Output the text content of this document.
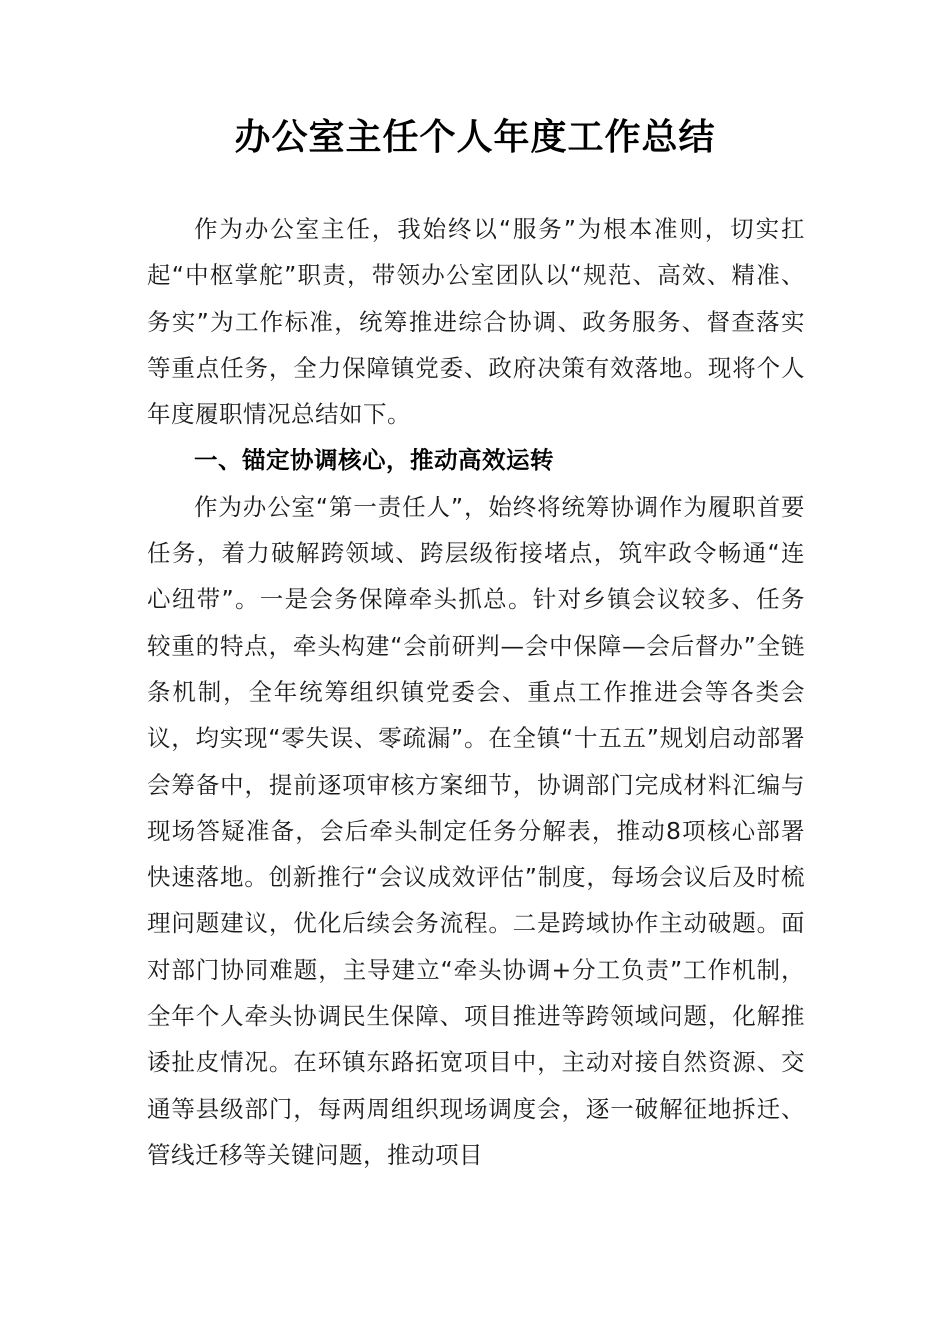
办公室主任个人年度工作总结

作为办公室主任，我始终以“服务”为根本准则，切实扛起“中枢掌舵”职责，带领办公室团队以“规范、高效、精准、务实”为工作标准，统筹推进综合协调、政务服务、督查落实等重点任务，全力保障镇党委、政府决策有效落地。现将个人年度履职情况总结如下。

一、锚定协调核心，推动高效运转

作为办公室“第一责任人”，始终将统筹协调作为履职首要任务，着力破解跨领域、跨层级衔接堵点，筑牢政令畅通“连心纽带”。一是会务保障牵头抓总。针对乡镇会议较多、任务较重的特点，牵头构建“会前研判—会中保障—会后督办”全链条机制，全年统筹组织镇党委会、重点工作推进会等各类会议，均实现“零失误、零疏漏”。在全镇“十五五”规划启动部署会筹备中，提前逐项审核方案细节，协调部门完成材料汇编与现场答疑准备，会后牵头制定任务分解表，推动8项核心部署快速落地。创新推行“会议成效评估”制度，每场会议后及时梳理问题建议，优化后续会务流程。二是跨域协作主动破题。面对部门协同难题，主导建立“牵头协调+分工负责”工作机制，全年个人牵头协调民生保障、项目推进等跨领域问题，化解推诿扯皮情况。在环镇东路拓宽项目中，主动对接自然资源、交通等县级部门，每两周组织现场调度会，逐一破解征地拆迁、管线迁移等关键问题，推动项目
